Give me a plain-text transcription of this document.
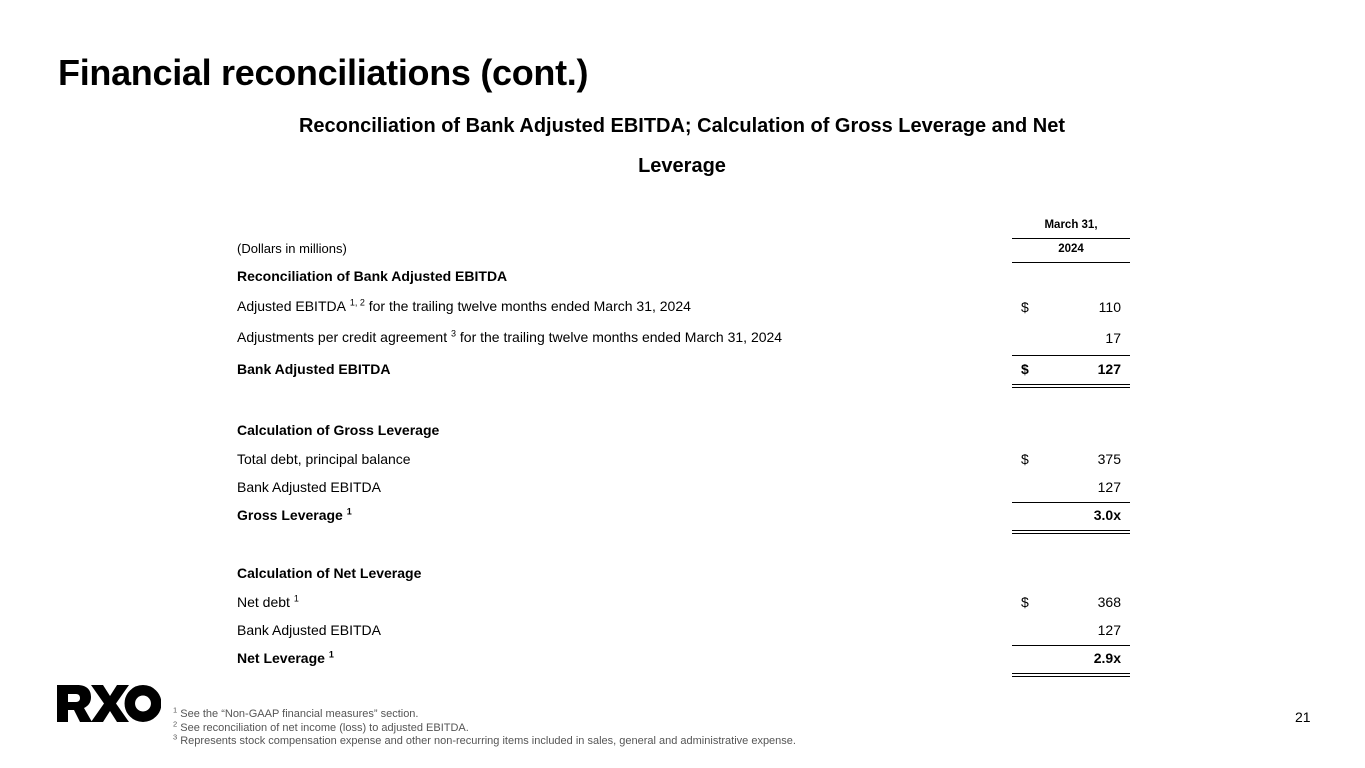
Financial reconciliations (cont.)
Reconciliation of Bank Adjusted EBITDA; Calculation of Gross Leverage and Net Leverage
March 31,
(Dollars in millions)	2024
Reconciliation of Bank Adjusted EBITDA
Adjusted EBITDA $^{1, 2}$ for the trailing twelve months ended March 31, 2024	$	110
Adjustments per credit agreement $^3$ for the trailing twelve months ended March 31, 2024	17
Bank Adjusted EBITDA	$	127
Calculation of Gross Leverage
Total debt, principal balance	$	375
Bank Adjusted EBITDA	127
Gross Leverage $^1$	3.0x
Calculation of Net Leverage
Net debt $^1$	$	368
Bank Adjusted EBITDA	127
Net Leverage $^1$	2.9x
$^1$ See the “Non-GAAP financial measures” section.
$^2$ See reconciliation of net income (loss) to adjusted EBITDA.
$^3$ Represents stock compensation expense and other non-recurring items included in sales, general and administrative expense.
21
